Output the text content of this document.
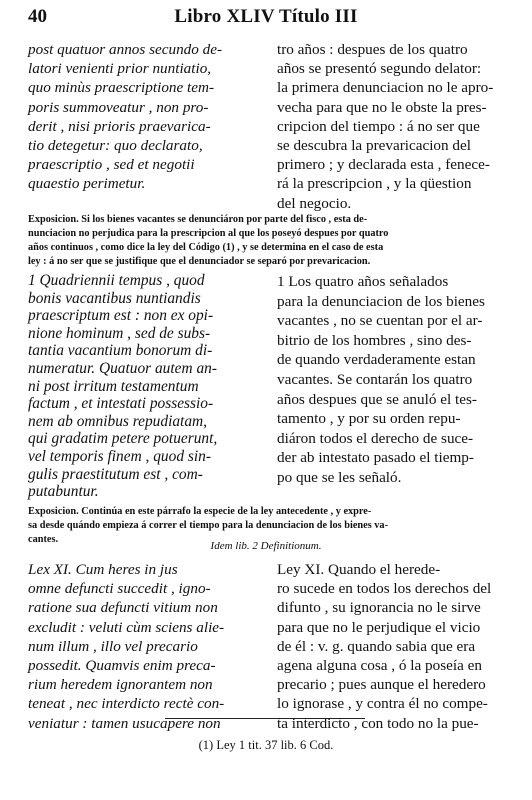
40	Libro XLIV Título III
post quatuor annos secundo de-
latori venienti prior nuntiatio,
quo minùs praescriptione tem-
poris summoveatur , non pro-
derit , nisi prioris praevarica-
tio detegetur: quo declarato,
praescriptio , sed et negotii
quaestio perimetur.
tro años : despues de los quatro
años se presentó segundo delator:
la primera denunciacion no le apro-
vecha para que no le obste la pres-
cripcion del tiempo : á no ser que
se descubra la prevaricacion del
primero ; y declarada esta , fenece-
rá la prescripcion , y la qüestion
del negocio.
Exposicion. Si los bienes vacantes se denunciáron por parte del fisco , esta de-
nunciacion no perjudica para la prescripcion al que los poseyó despues por quatro
años continuos , como dice la ley del Código (1) , y se determina en el caso de esta
ley : á no ser que se justifique que el denunciador se separó por prevaricacion.
1 Quadriennii tempus , quod
bonis vacantibus nuntiandis
praescriptum est : non ex opi-
nione hominum , sed de subs-
tantia vacantium bonorum di-
numeratur. Quatuor autem an-
ni post irritum testamentum
factum , et intestati possessio-
nem ab omnibus repudiatam,
qui gradatim petere potuerunt,
vel temporis finem , quod sin-
gulis praestitutum est , com-
putabuntur.
1 Los quatro años señalados
para la denunciacion de los bienes
vacantes , no se cuentan por el ar-
bitrio de los hombres , sino des-
de quando verdaderamente estan
vacantes. Se contarán los quatro
años despues que se anuló el tes-
tamento , y por su orden repu-
diáron todos el derecho de suce-
der ab intestato pasado el tiemp-
po que se les señaló.
Exposicion. Continúa en este párrafo la especie de la ley antecedente , y expre-
sa desde quándo empieza á correr el tiempo para la denunciacion de los bienes va-
cantes.
Idem lib. 2 Definitionum.
Lex XI. Cum heres in jus
omne defuncti succedit , igno-
ratione sua defuncti vitium non
excludit : veluti cùm sciens alie-
num illum , illo vel precario
possedit. Quamvis enim preca-
rium heredem ignorantem non
teneat , nec interdicto rectè con-
veniatur : tamen usucapere non
Ley XI. Quando el herede-
ro sucede en todos los derechos del
difunto , su ignorancia no le sirve
para que no le perjudique el vicio
de él : v. g. quando sabia que era
agena alguna cosa , ó la poseía en
precario ; pues aunque el heredero
lo ignorase , y contra él no compe-
ta interdicto , con todo no la pue-
(1) Ley 1 tit. 37 lib. 6 Cod.
